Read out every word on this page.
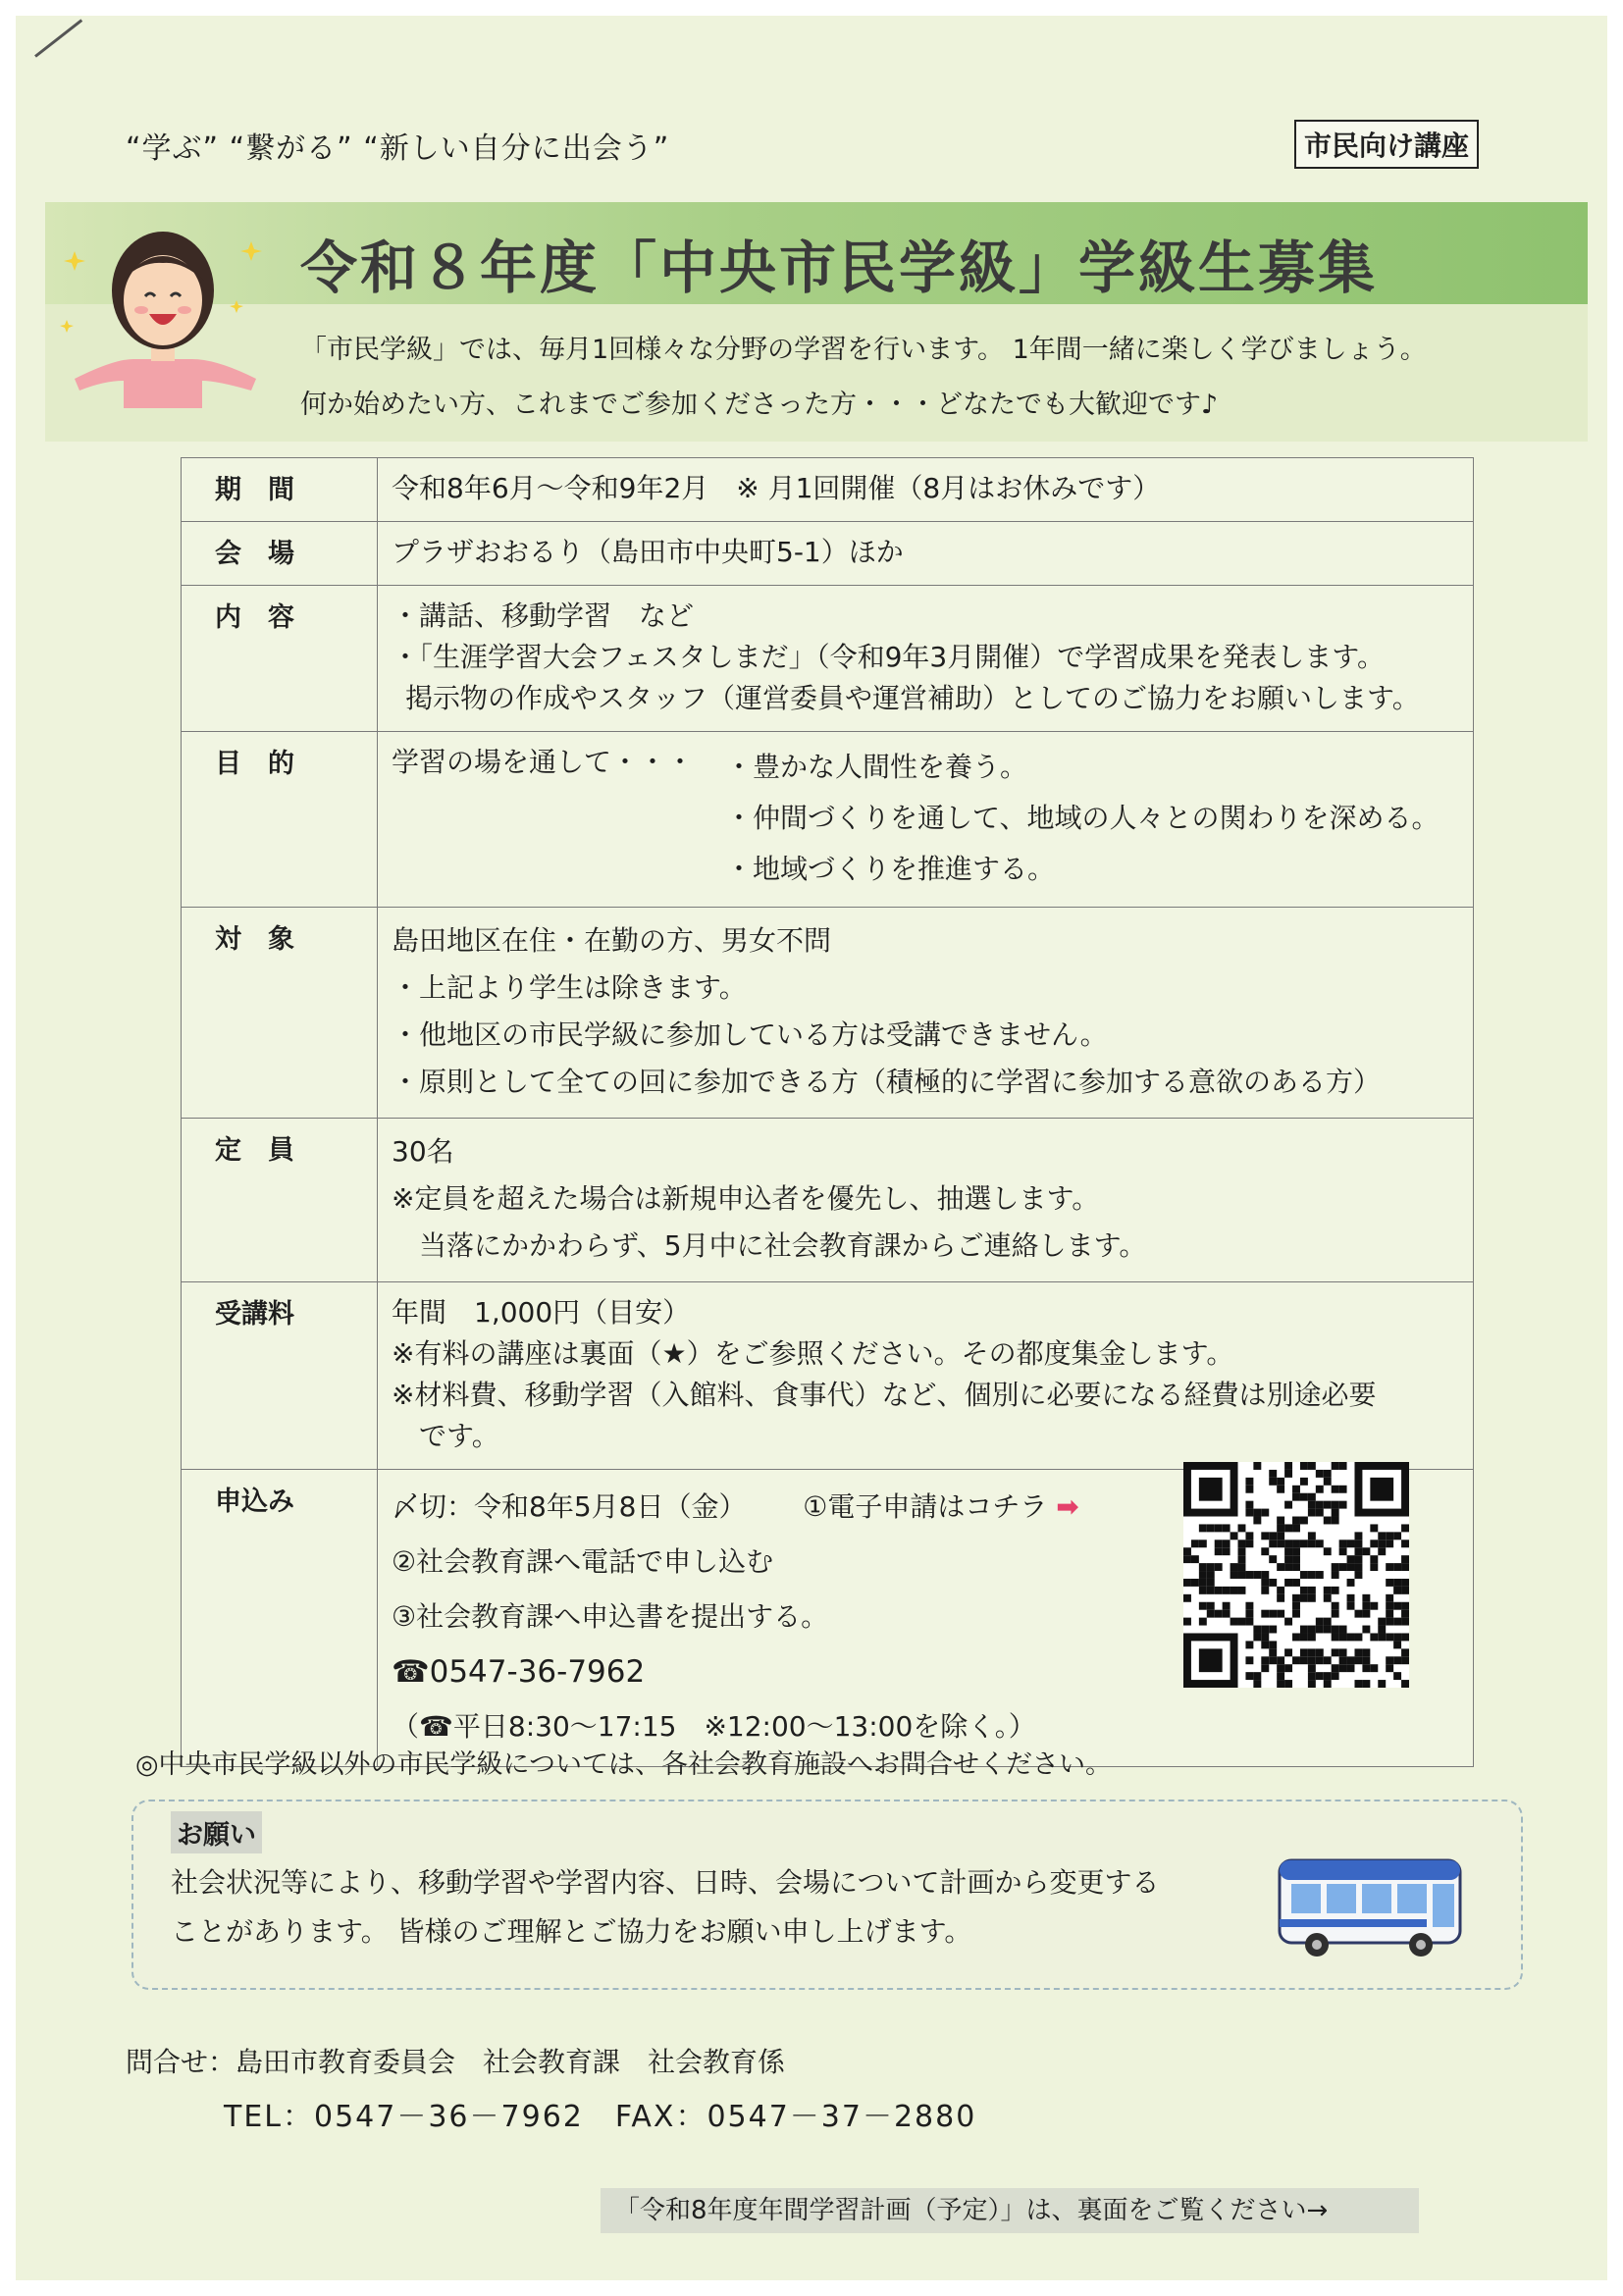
“学ぶ” “繋がる” “新しい自分に出会う”	市民向け講座
令和８年度「中央市民学級」学級生募集
「市民学級」では、毎月1回様々な分野の学習を行います。 1年間一緒に楽しく学びましょう。
何か始めたい方、これまでご参加くださった方・・・どなたでも大歓迎です♪
期　間	令和8年6月～令和9年2月　※ 月1回開催（8月はお休みです）

会　場	プラザおおるり（島田市中央町5-1）ほか

内　容	・講話、移動学習　など
・「生涯学習大会フェスタしまだ」（令和9年3月開催）で学習成果を発表します。
掲示物の作成やスタッフ（運営委員や運営補助）としてのご協力をお願いします。

目　的	学習の場を通して・・・ ・豊かな人間性を養う。
・仲間づくりを通して、地域の人々との関わりを深める。
・地域づくりを推進する。

対　象	島田地区在住・在勤の方、男女不問
・上記より学生は除きます。
・他地区の市民学級に参加している方は受講できません。
・原則として全ての回に参加できる方（積極的に学習に参加する意欲のある方）

定　員	30名
※定員を超えた場合は新規申込者を優先し、抽選します。
当落にかかわらず、5月中に社会教育課からご連絡します。

受講料	年間　1,000円（目安）
※有料の講座は裏面（★）をご参照ください。その都度集金します。
※材料費、移動学習（入館料、食事代）など、個別に必要になる経費は別途必要
です。

申込み	〆切：令和8年5月8日（金） ①電子申請はコチラ ➡
②社会教育課へ電話で申し込む
③社会教育課へ申込書を提出する。
☎0547-36-7962
（☎平日8:30～17:15　※12:00～13:00を除く。）
◎中央市民学級以外の市民学級については、各社会教育施設へお問合せください。
お願い
社会状況等により、移動学習や学習内容、日時、会場について計画から変更する
ことがあります。 皆様のご理解とご協力をお願い申し上げます。
問合せ：島田市教育委員会　社会教育課　社会教育係
TEL：0547－36－7962　FAX：0547－37－2880
「令和8年度年間学習計画（予定）」は、裏面をご覧ください→
